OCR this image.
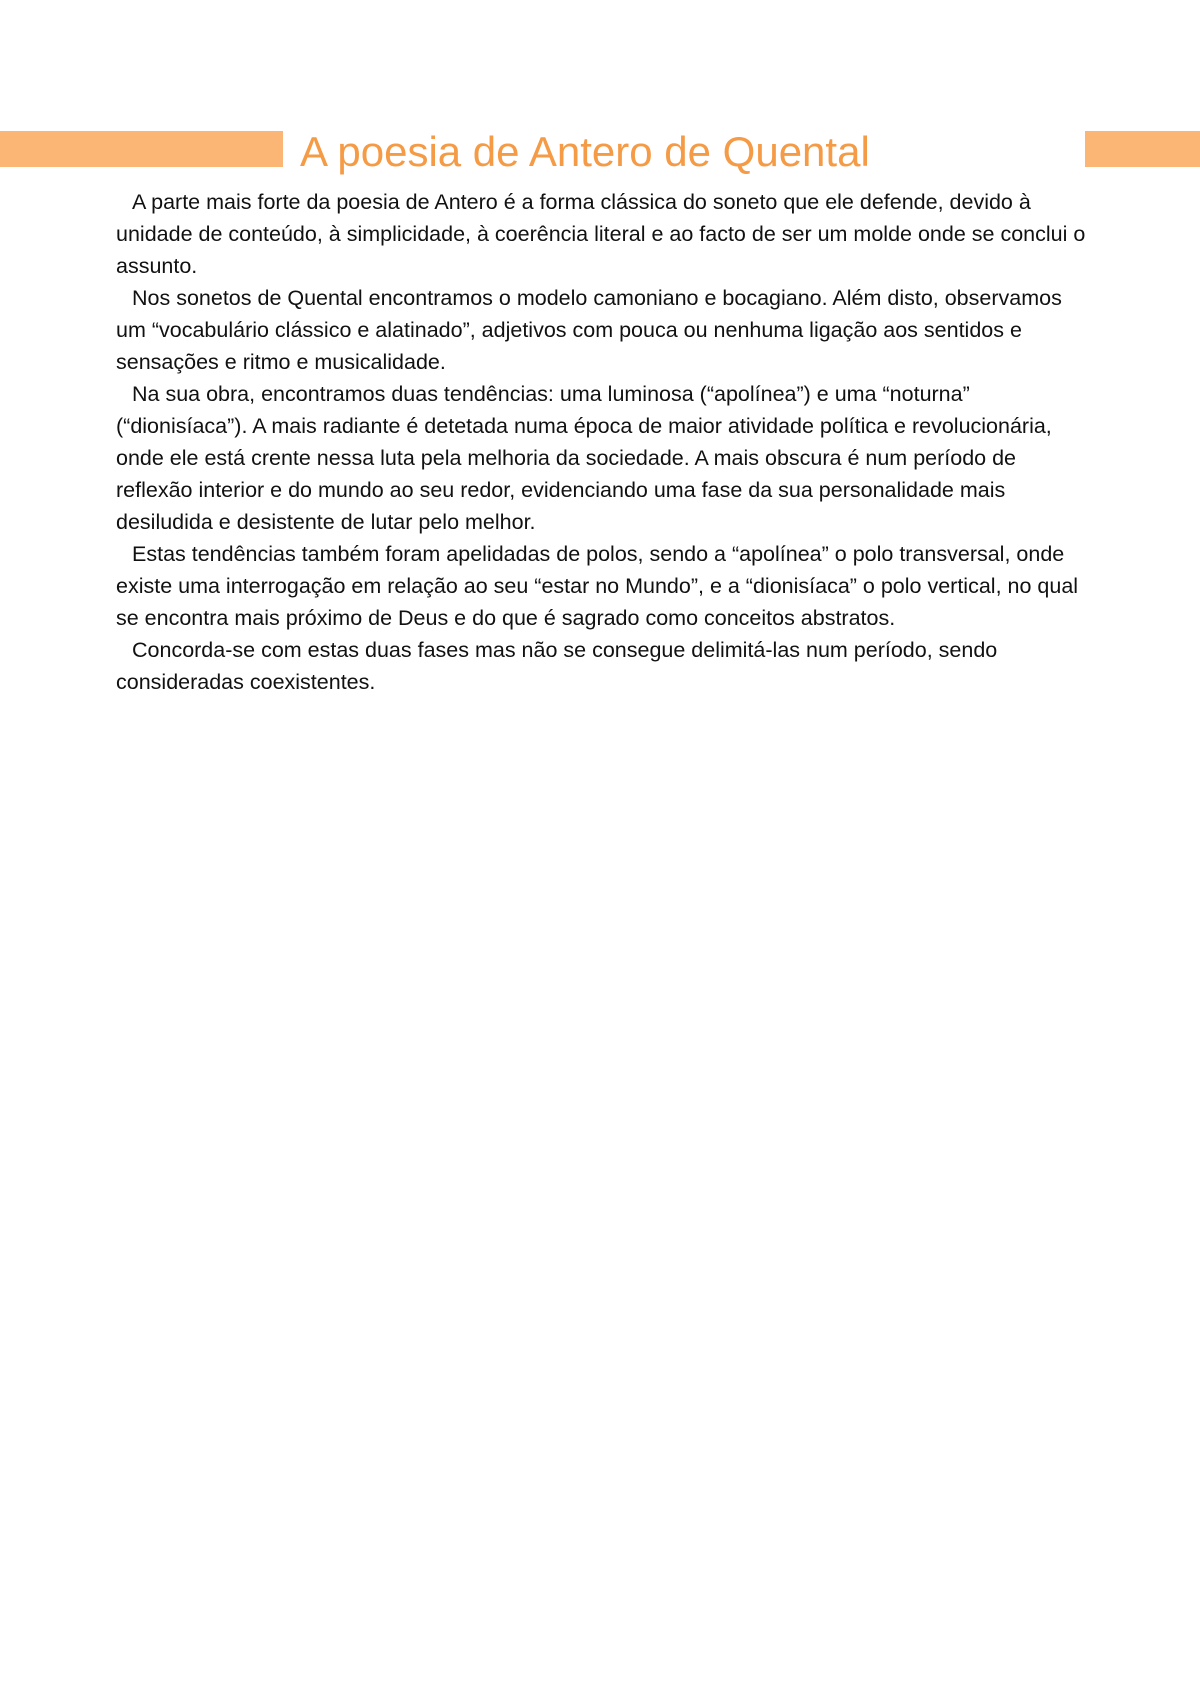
A poesia de Antero de Quental

A parte mais forte da poesia de Antero é a forma clássica do soneto que ele defende, devido à unidade de conteúdo, à simplicidade, à coerência literal e ao facto de ser um molde onde se conclui o assunto.

Nos sonetos de Quental encontramos o modelo camoniano e bocagiano. Além disto, observamos um “vocabulário clássico e alatinado”, adjetivos com pouca ou nenhuma ligação aos sentidos e sensações e ritmo e musicalidade.

Na sua obra, encontramos duas tendências: uma luminosa (“apolínea”) e uma “noturna” (“dionisíaca”). A mais radiante é detetada numa época de maior atividade política e revolucionária, onde ele está crente nessa luta pela melhoria da sociedade. A mais obscura é num período de reflexão interior e do mundo ao seu redor, evidenciando uma fase da sua personalidade mais desiludida e desistente de lutar pelo melhor.

Estas tendências também foram apelidadas de polos, sendo a “apolínea” o polo transversal, onde existe uma interrogação em relação ao seu “estar no Mundo”, e a “dionisíaca” o polo vertical, no qual se encontra mais próximo de Deus e do que é sagrado como conceitos abstratos.

Concorda-se com estas duas fases mas não se consegue delimitá-las num período, sendo consideradas coexistentes.
